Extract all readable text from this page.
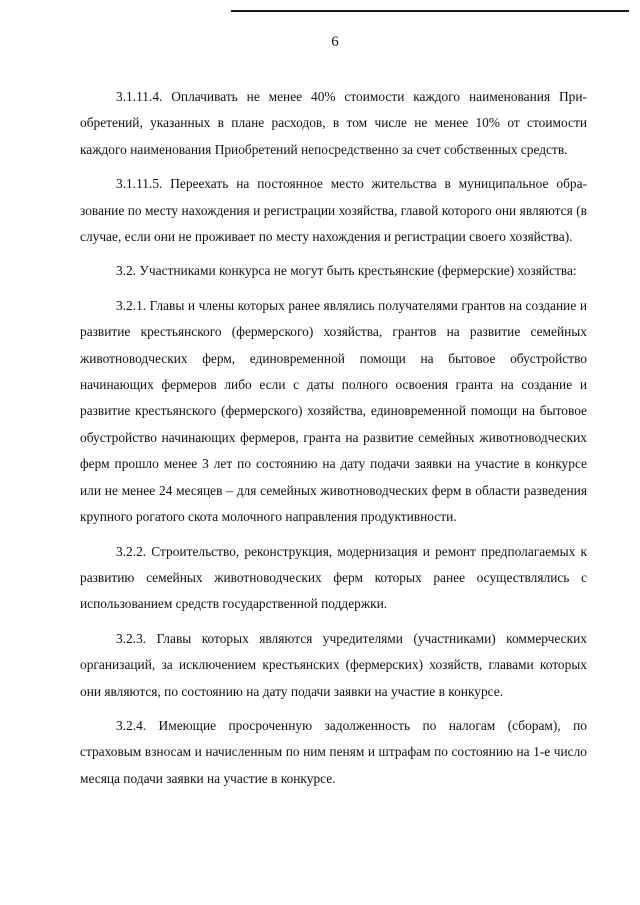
6

3.1.11.4. Оплачивать не менее 40% стоимости каждого наименования Приобретений, указанных в плане расходов, в том числе не менее 10% от стоимости каждого наименования Приобретений непосредственно за счет собственных средств.

3.1.11.5. Переехать на постоянное место жительства в муниципальное образование по месту нахождения и регистрации хозяйства, главой которого они являются (в случае, если они не проживает по месту нахождения и регистрации своего хозяйства).

3.2. Участниками конкурса не могут быть крестьянские (фермерские) хозяйства:

3.2.1. Главы и члены которых ранее являлись получателями грантов на создание и развитие крестьянского (фермерского) хозяйства, грантов на развитие семейных животноводческих ферм, единовременной помощи на бытовое обустройство начинающих фермеров либо если с даты полного освоения гранта на создание и развитие крестьянского (фермерского) хозяйства, единовременной помощи на бытовое обустройство начинающих фермеров, гранта на развитие семейных животноводческих ферм прошло менее 3 лет по состоянию на дату подачи заявки на участие в конкурсе или не менее 24 месяцев – для семейных животноводческих ферм в области разведения крупного рогатого скота молочного направления продуктивности.

3.2.2. Строительство, реконструкция, модернизация и ремонт предполагаемых к развитию семейных животноводческих ферм которых ранее осуществлялись с использованием средств государственной поддержки.

3.2.3. Главы которых являются учредителями (участниками) коммерческих организаций, за исключением крестьянских (фермерских) хозяйств, главами которых они являются, по состоянию на дату подачи заявки на участие в конкурсе.

3.2.4. Имеющие просроченную задолженность по налогам (сборам), по страховым взносам и начисленным по ним пеням и штрафам по состоянию на 1-е число месяца подачи заявки на участие в конкурсе.
